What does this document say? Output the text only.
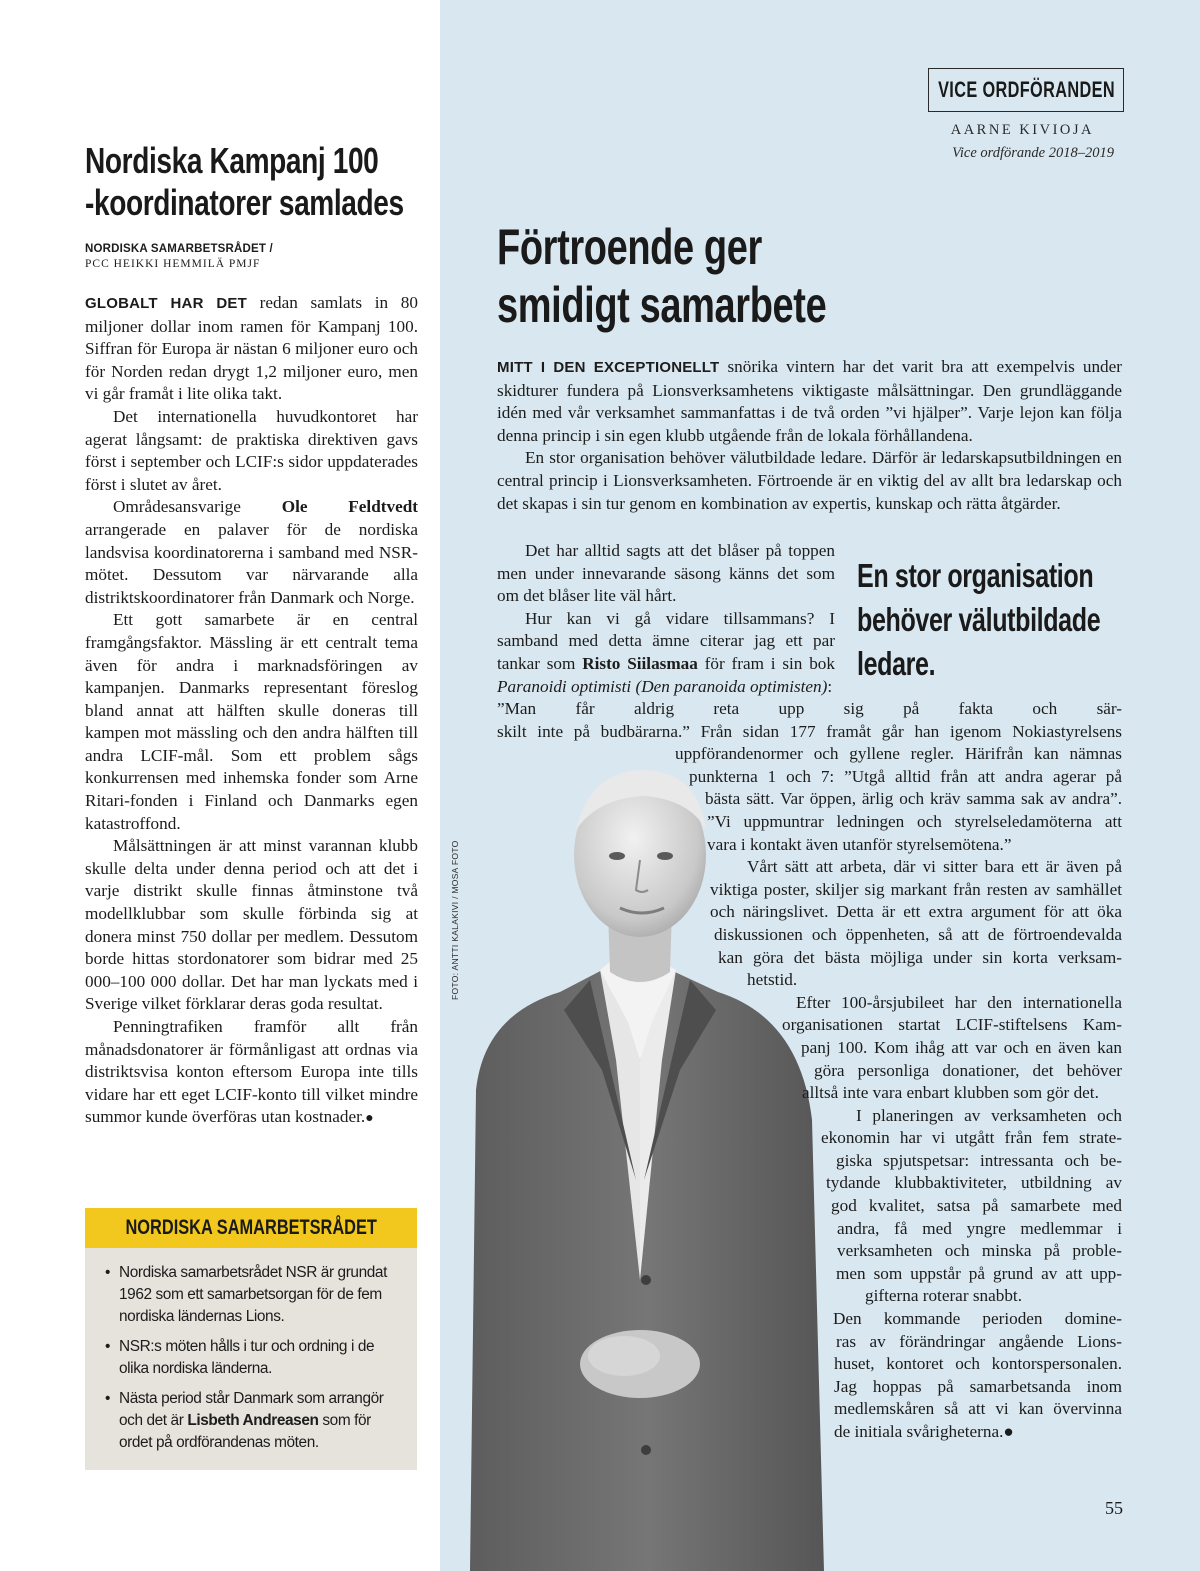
Nordiska Kampanj 100
-koordinatorer samlades
NORDISKA SAMARBETSRÅDET /
PCC HEIKKI HEMMILÄ PMJF

GLOBALT HAR DET redan samlats in 80 miljoner dollar inom ramen för Kampanj 100. Siffran för Europa är nästan 6 miljoner euro och för Norden redan drygt 1,2 miljoner euro, men vi går framåt i lite olika takt.

Det internationella huvudkontoret har agerat långsamt: de praktiska direktiven gavs först i september och LCIF:s sidor uppdaterades först i slutet av året.

Områdesansvarige Ole Feldtvedt arrangerade en palaver för de nordiska landsvisa koordinatorerna i samband med NSR-mötet. Dessutom var närvarande alla distriktskoordinatorer från Danmark och Norge.

Ett gott samarbete är en central framgångsfaktor. Mässling är ett centralt tema även för andra i marknadsföringen av kampanjen. Danmarks representant föreslog bland annat att hälften skulle doneras till kampen mot mässling och den andra hälften till andra LCIF-mål. Som ett problem sågs konkurrensen med inhemska fonder som Arne Ritari-fonden i Finland och Danmarks egen katastroffond.

Målsättningen är att minst varannan klubb skulle delta under denna period och att det i varje distrikt skulle finnas åtminstone två modellklubbar som skulle förbinda sig at donera minst 750 dollar per medlem. Dessutom borde hittas stordonatorer som bidrar med 25 000–100 000 dollar. Det har man lyckats med i Sverige vilket förklarar deras goda resultat.

Penningtrafiken framför allt från månadsdonatorer är förmånligast att ordnas via distriktsvisa konton eftersom Europa inte tills vidare har ett eget LCIF-konto till vilket mindre summor kunde överföras utan kostnader.●

NORDISKA SAMARBETSRÅDET
• Nordiska samarbetsrådet NSR är grundat 1962 som ett samarbetsorgan för de fem nordiska ländernas Lions.
• NSR:s möten hålls i tur och ordning i de olika nordiska länderna.
• Nästa period står Danmark som arrangör och det är Lisbeth Andreasen som för ordet på ordförandenas möten.
VICE ORDFÖRANDEN
AARNE KIVIOJA
Vice ordförande 2018–2019
Förtroende ger
smidigt samarbete

MITT I DEN EXCEPTIONELLT snörika vintern har det varit bra att exempelvis under skidturer fundera på Lionsverksamhetens viktigaste målsättningar. Den grundläggande idén med vår verksamhet sammanfattas i de två orden ”vi hjälper”. Varje lejon kan följa denna princip i sin egen klubb utgående från de lokala förhållandena.

En stor organisation behöver välutbildade ledare. Därför är ledarskapsutbildningen en central princip i Lionsverksamheten. Förtroende är en viktig del av allt bra ledarskap och det skapas i sin tur genom en kombination av expertis, kunskap och rätta åtgärder.

Det har alltid sagts att det blåser på toppen men under innevarande säsong känns det som om det blåser lite väl hårt.

Hur kan vi gå vidare tillsammans? I samband med detta ämne citerar jag ett par tankar som Risto Siilasmaa för fram i sin bok Paranoidi optimisti (Den paranoida optimisten):

En stor organisation
behöver välutbildade
ledare.
FOTO: ANTTI KALAKIVI / MOSA FOTO
”Man får aldrig reta upp sig på fakta och sär-
skilt inte på budbärarna.” Från sidan 177 framåt går han igenom Nokiastyrelsens
uppförandenormer och gyllene regler. Härifrån kan nämnas
punkterna 1 och 7: ”Utgå alltid från att andra agerar på
bästa sätt. Var öppen, ärlig och kräv samma sak av andra”.
”Vi uppmuntrar ledningen och styrelseledamöterna att
vara i kontakt även utanför styrelsemötena.”
Vårt sätt att arbeta, där vi sitter bara ett är även på
viktiga poster, skiljer sig markant från resten av samhället
och näringslivet. Detta är ett extra argument för att öka
diskussionen och öppenheten, så att de förtroendevalda
kan göra det bästa möjliga under sin korta verksam-
hetstid.
Efter 100-årsjubileet har den internationella
organisationen startat LCIF-stiftelsens Kam-
panj 100. Kom ihåg att var och en även kan
göra personliga donationer, det behöver
alltså inte vara enbart klubben som gör det.
I planeringen av verksamheten och
ekonomin har vi utgått från fem strate-
giska spjutspetsar: intressanta och be-
tydande klubbaktiviteter, utbildning av
god kvalitet, satsa på samarbete med
andra, få med yngre medlemmar i
verksamheten och minska på proble-
men som uppstår på grund av att upp-
gifterna roterar snabbt.
Den kommande perioden domine-
ras av förändringar angående Lions-
huset, kontoret och kontorspersonalen.
Jag hoppas på samarbetsanda inom
medlemskåren så att vi kan övervinna
de initiala svårigheterna.●
55
